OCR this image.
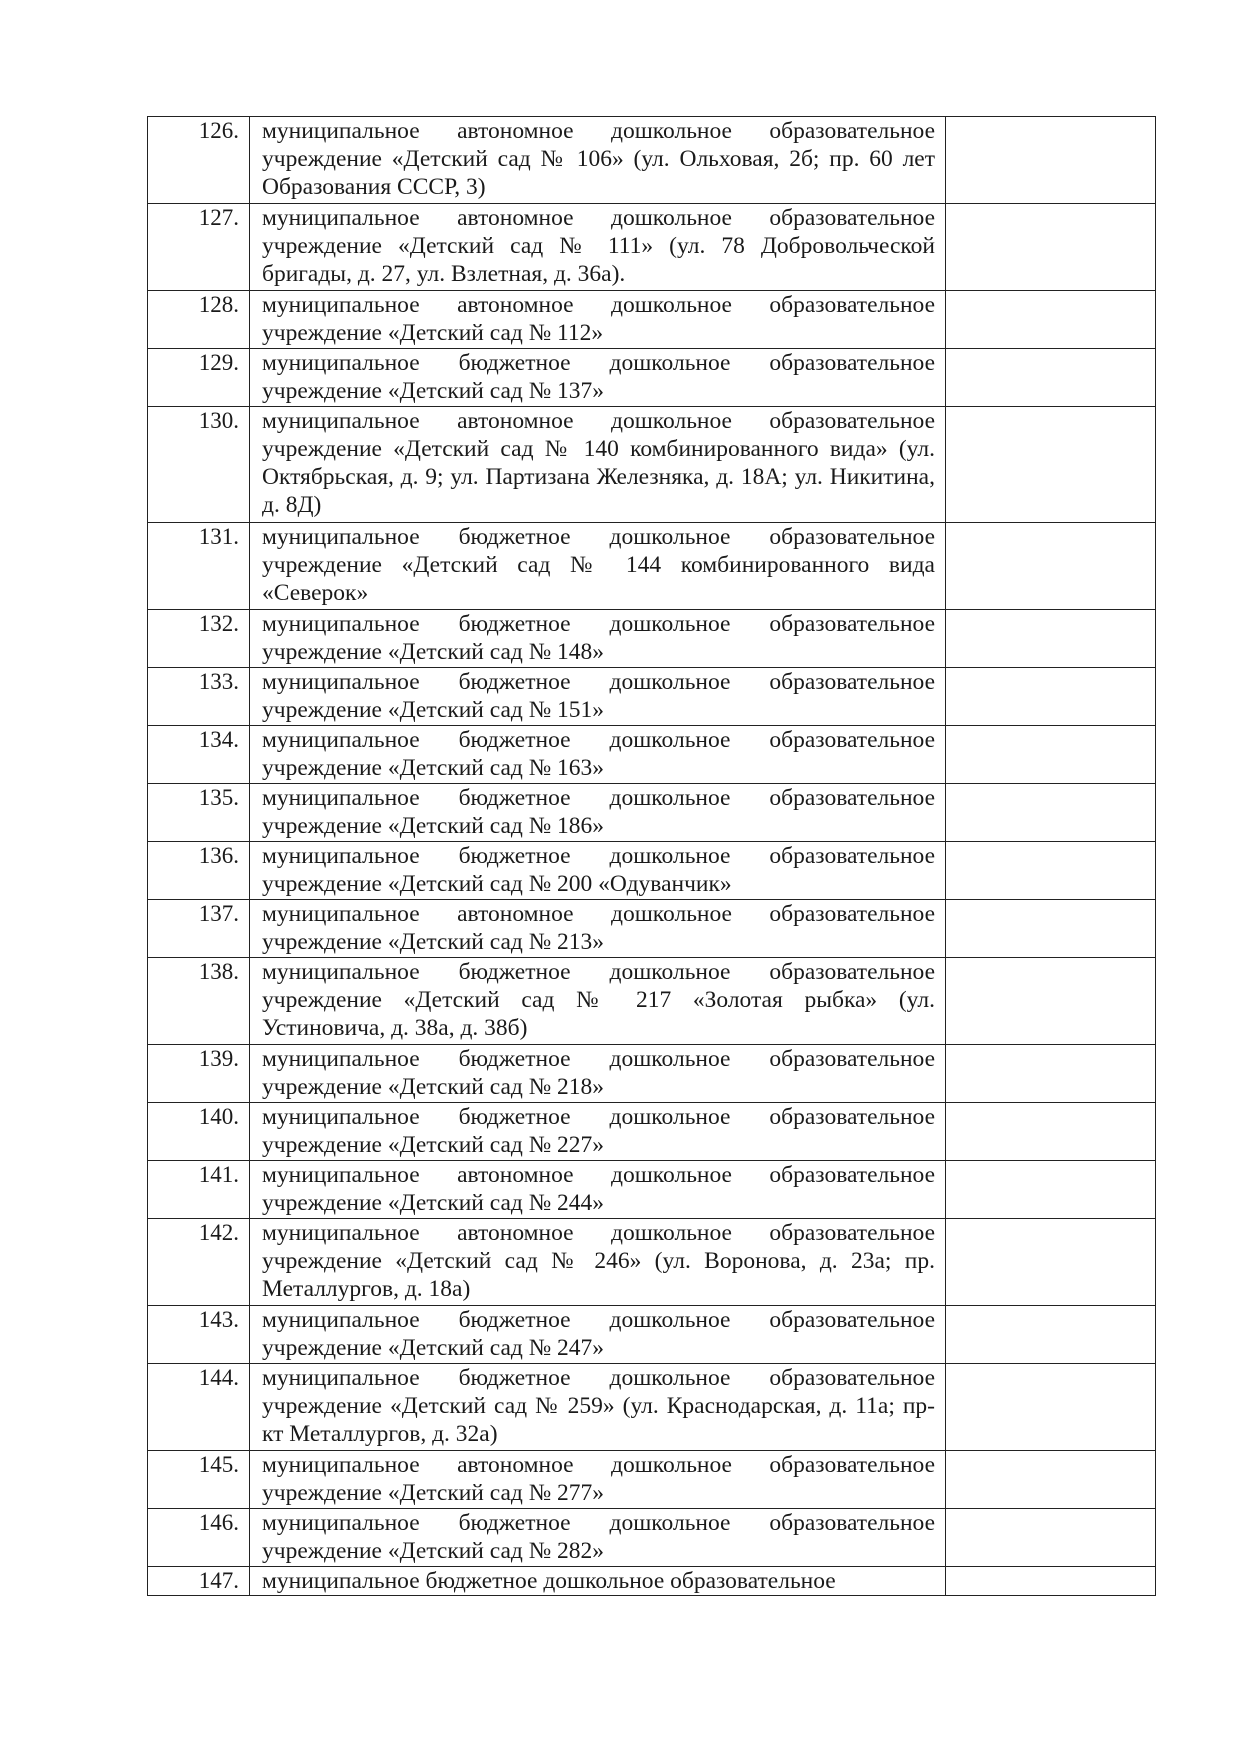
126.	муниципальное автономное дошкольное образовательное учреждение «Детский сад № 106» (ул. Ольховая, 2б; пр. 60 лет Образования СССР, 3)	
127.	муниципальное автономное дошкольное образовательное учреждение «Детский сад № 111» (ул. 78 Добровольческой бригады, д. 27, ул. Взлетная, д. 36а).	
128.	муниципальное автономное дошкольное образовательное учреждение «Детский сад № 112»	
129.	муниципальное бюджетное дошкольное образовательное учреждение «Детский сад № 137»	
130.	муниципальное автономное дошкольное образовательное учреждение «Детский сад № 140 комбинированного вида» (ул. Октябрьская, д. 9; ул. Партизана Железняка, д. 18А; ул. Никитина, д. 8Д)	
131.	муниципальное бюджетное дошкольное образовательное учреждение «Детский сад № 144 комбинированного вида «Северок»	
132.	муниципальное бюджетное дошкольное образовательное учреждение «Детский сад № 148»	
133.	муниципальное бюджетное дошкольное образовательное учреждение «Детский сад № 151»	
134.	муниципальное бюджетное дошкольное образовательное учреждение «Детский сад № 163»	
135.	муниципальное бюджетное дошкольное образовательное учреждение «Детский сад № 186»	
136.	муниципальное бюджетное дошкольное образовательное учреждение «Детский сад № 200 «Одуванчик»	
137.	муниципальное автономное дошкольное образовательное учреждение «Детский сад № 213»	
138.	муниципальное бюджетное дошкольное образовательное учреждение «Детский сад № 217 «Золотая рыбка» (ул. Устиновича, д. 38а, д. 38б)	
139.	муниципальное бюджетное дошкольное образовательное учреждение «Детский сад № 218»	
140.	муниципальное бюджетное дошкольное образовательное учреждение «Детский сад № 227»	
141.	муниципальное автономное дошкольное образовательное учреждение «Детский сад № 244»	
142.	муниципальное автономное дошкольное образовательное учреждение «Детский сад № 246» (ул. Воронова, д. 23а; пр. Металлургов, д. 18а)	
143.	муниципальное бюджетное дошкольное образовательное учреждение «Детский сад № 247»	
144.	муниципальное бюджетное дошкольное образовательное учреждение «Детский сад № 259» (ул. Краснодарская, д. 11а; пр-кт Металлургов, д. 32а)	
145.	муниципальное автономное дошкольное образовательное учреждение «Детский сад № 277»	
146.	муниципальное бюджетное дошкольное образовательное учреждение «Детский сад № 282»	
147.	муниципальное бюджетное дошкольное образовательное	
